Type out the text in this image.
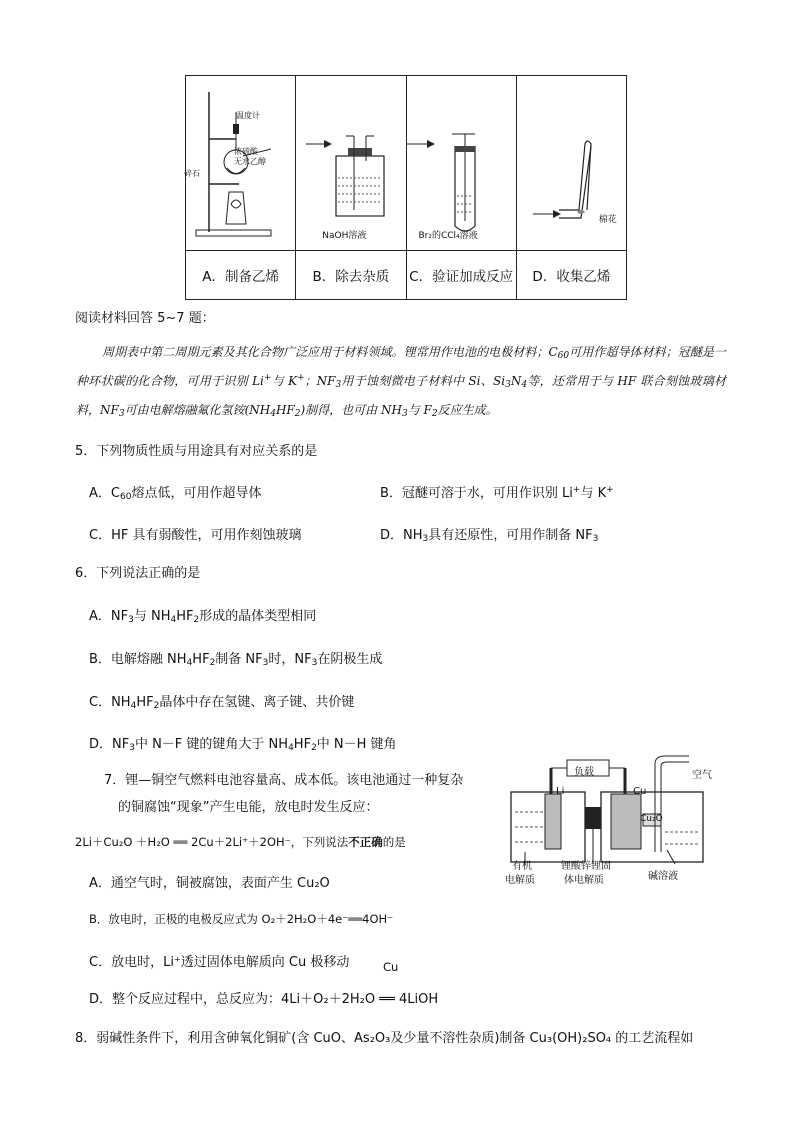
温度计
浓硫酸
无水乙醇
碎石	NaOH溶液	Br₂的CCl₄溶液	棉花

A．制备乙烯	B．除去杂质	C．验证加成反应	D．收集乙烯
阅读材料回答 5~7 题：
周期表中第二周期元素及其化合物广泛应用于材料领域。锂常用作电池的电极材料；$C_{60}$可用作超导体材料；冠醚是一种环状碳的化合物，可用于识别 Li+与 K+；$NF_3$用于蚀刻微电子材料中 Si、$Si_3N_4$等，还常用于与 HF 联合刻蚀玻璃材料，$NF_3$可由电解熔融氟化氢铵$(NH_4HF_2)$制得，也可由 $NH_3$与 $F_2$反应生成。
5．下列物质性质与用途具有对应关系的是
A．$C_{60}$熔点低，可用作超导体	B．冠醚可溶于水，可用作识别 Li+与 K+
C．HF 具有弱酸性，可用作刻蚀玻璃	D．$NH_3$具有还原性，可用作制备 $NF_3$
6．下列说法正确的是
A．$NF_3$与 $NH_4HF_2$形成的晶体类型相同
B．电解熔融 $NH_4HF_2$制备 $NF_3$时，$NF_3$在阴极生成
C．$NH_4HF_2$晶体中存在氢键、离子键、共价键
D．$NF_3$中 N－F 键的键角大于 $NH_4HF_2$中 N－H 键角
7．锂—铜空气燃料电池容量高、成本低。该电池通过一种复杂
的铜腐蚀“现象”产生电能，放电时发生反应：
2Li＋Cu₂O ＋H₂O ══ 2Cu＋2Li⁺＋2OH⁻，下列说法不正确的是
A．通空气时，铜被腐蚀，表面产生 Cu₂O
B．放电时，正极的电极反应式为 O₂＋2H₂O＋4e⁻══4OH⁻
C．放电时，Li⁺透过固体电解质向 Cu 极移动	Cu
D．整个反应过程中，总反应为：4Li＋O₂＋2H₂O ══ 4LiOH
负载	空气
Li	Cu
Cu₂O
有机
电解质
锂酸锌锂固
体电解质	碱溶液
8．弱碱性条件下，利用含砷氧化铜矿(含 CuO、As₂O₃及少量不溶性杂质)制备 Cu₃(OH)₂SO₄ 的工艺流程如
